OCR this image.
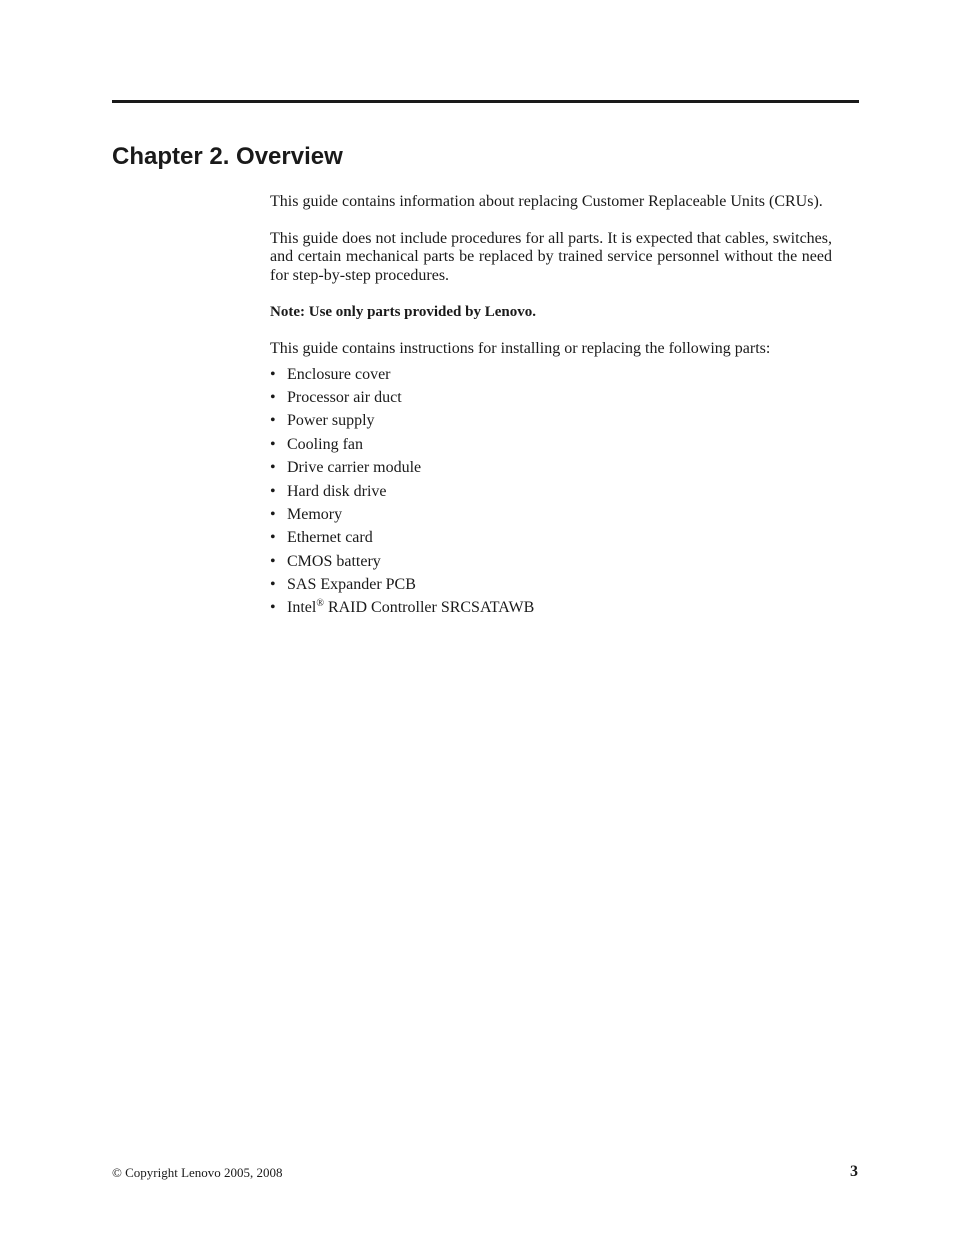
Chapter 2. Overview

This guide contains information about replacing Customer Replaceable Units (CRUs).

This guide does not include procedures for all parts. It is expected that cables, switches, and certain mechanical parts be replaced by trained service personnel without the need for step-by-step procedures.

Note: Use only parts provided by Lenovo.

This guide contains instructions for installing or replacing the following parts:

• Enclosure cover
• Processor air duct
• Power supply
• Cooling fan
• Drive carrier module
• Hard disk drive
• Memory
• Ethernet card
• CMOS battery
• SAS Expander PCB
• Intel® RAID Controller SRCSATAWB
© Copyright Lenovo 2005, 2008	3
